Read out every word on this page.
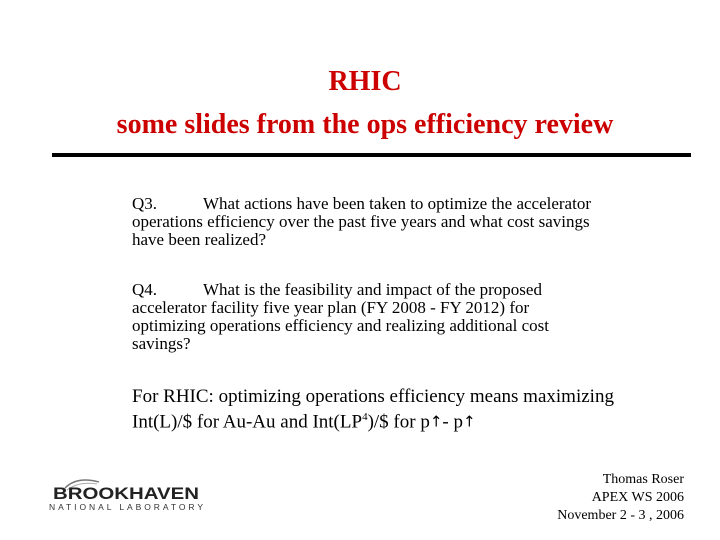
RHIC
some slides from the ops efficiency review

Q3.	What actions have been taken to optimize the accelerator
operations efficiency over the past five years and what cost savings
have been realized?

Q4.	What is the feasibility and impact of the proposed
accelerator facility five year plan (FY 2008 - FY 2012) for
optimizing operations efficiency and realizing additional cost
savings?

For RHIC: optimizing operations efficiency means maximizing
Int(L)/$ for Au-Au and $Int(LP^4)/\$$ for p↑- p↑

BROOKHAVEN
NATIONAL LABORATORY
Thomas Roser
APEX WS 2006
November 2 - 3 , 2006
